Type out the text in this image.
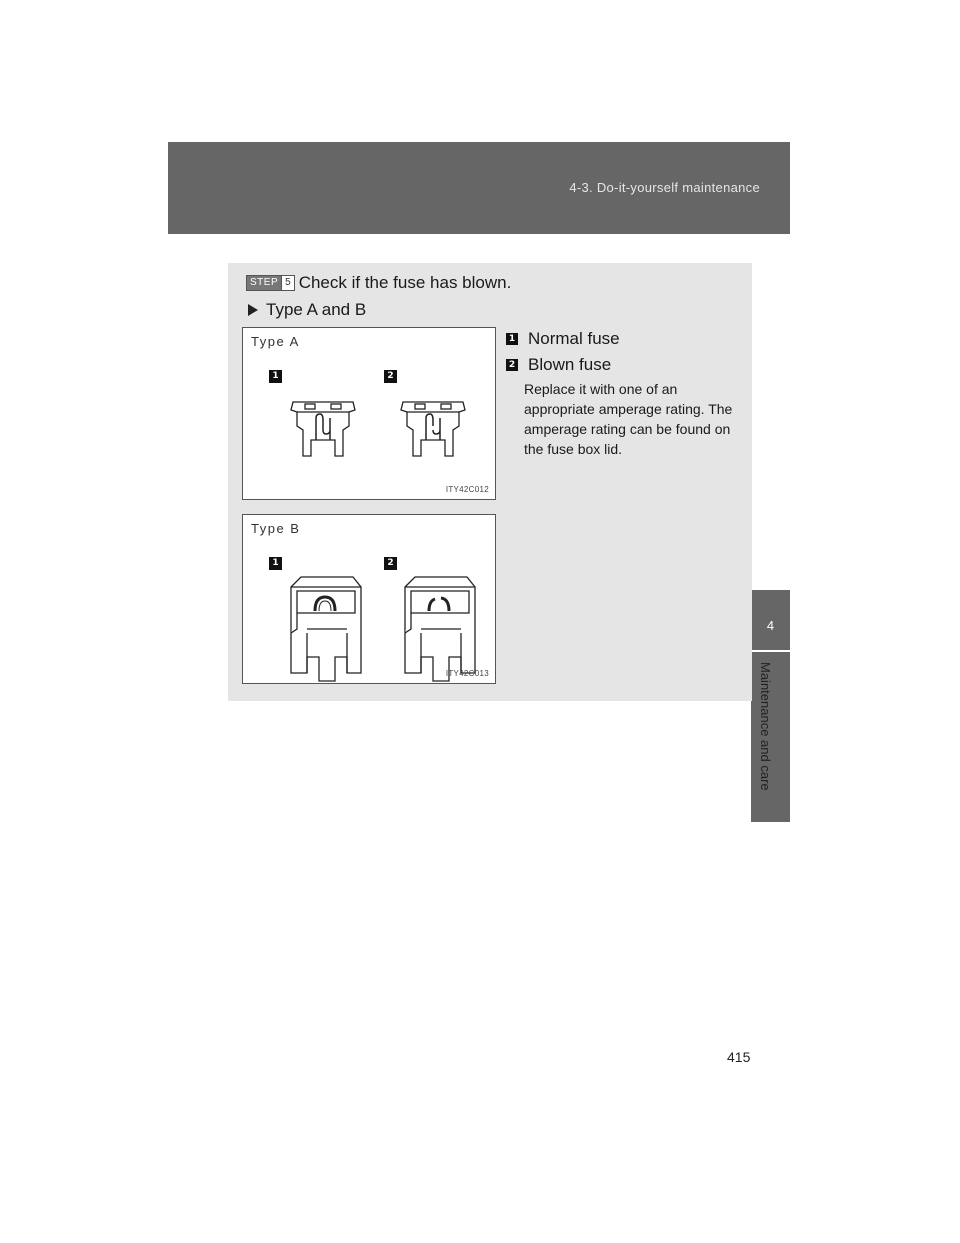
4-3. Do-it-yourself maintenance
4
Maintenance and care
STEP 5 Check if the fuse has blown.
Type A and B
Type A
1	2
ITY42C012
Type B
1	2
ITY42C013
1 Normal fuse
2 Blown fuse
Replace it with one of an appropriate amperage rating. The amperage rating can be found on the fuse box lid.
415
